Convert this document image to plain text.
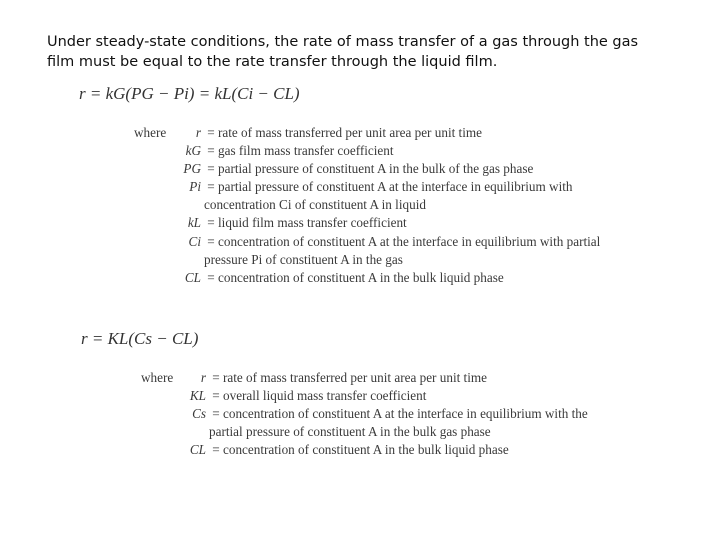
Under steady-state conditions, the rate of mass transfer of a gas through the gas
film must be equal to the rate transfer through the liquid film.
r = kG(PG − Pi) = kL(Ci − CL)
where	r = rate of mass transferred per unit area per unit time
kG = gas film mass transfer coefficient
PG = partial pressure of constituent A in the bulk of the gas phase
Pi = partial pressure of constituent A at the interface in equilibrium with
concentration Ci of constituent A in liquid
kL = liquid film mass transfer coefficient
Ci = concentration of constituent A at the interface in equilibrium with partial
pressure Pi of constituent A in the gas
CL = concentration of constituent A in the bulk liquid phase
r = KL(Cs − CL)
where	r = rate of mass transferred per unit area per unit time
KL = overall liquid mass transfer coefficient
Cs = concentration of constituent A at the interface in equilibrium with the
partial pressure of constituent A in the bulk gas phase
CL = concentration of constituent A in the bulk liquid phase
